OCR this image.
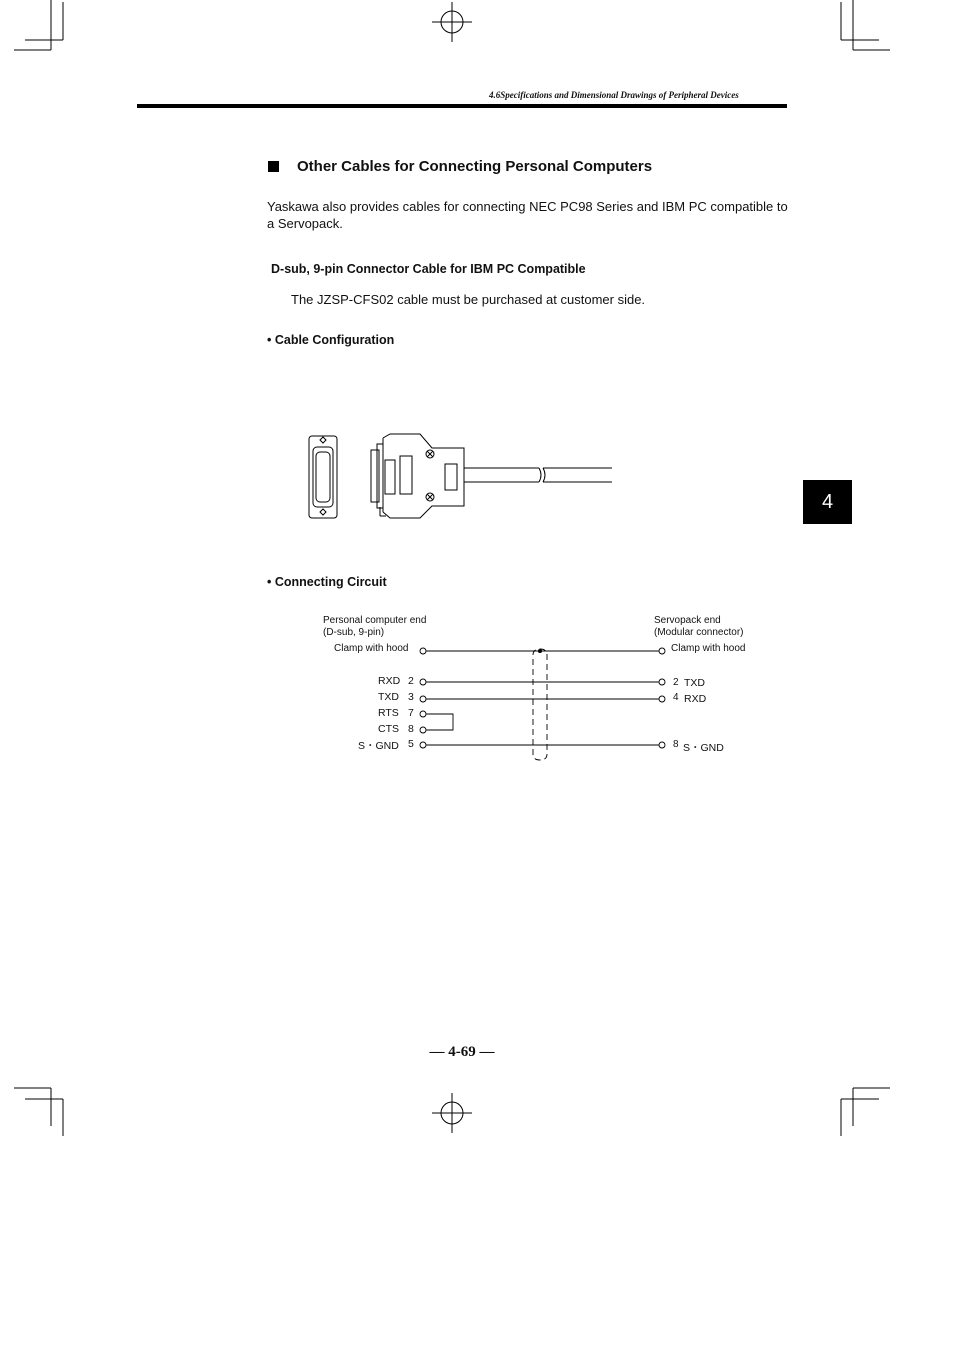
4.6Specifications and Dimensional Drawings of Peripheral Devices
Other Cables for Connecting Personal Computers
Yaskawa also provides cables for connecting NEC PC98 Series and IBM PC compatible to a Servopack.
D-sub, 9-pin Connector Cable for IBM PC Compatible
The JZSP-CFS02 cable must be purchased at customer side.
• Cable Configuration
• Connecting Circuit
Personal computer end
(D-sub, 9-pin)
Servopack end
(Modular connector)
Clamp with hood	Clamp with hood
RXD 2
TXD 3
RTS 7
CTS 8
S・GND 5
2 TXD
4 RXD
8 S・GND
4
— 4-69 —
